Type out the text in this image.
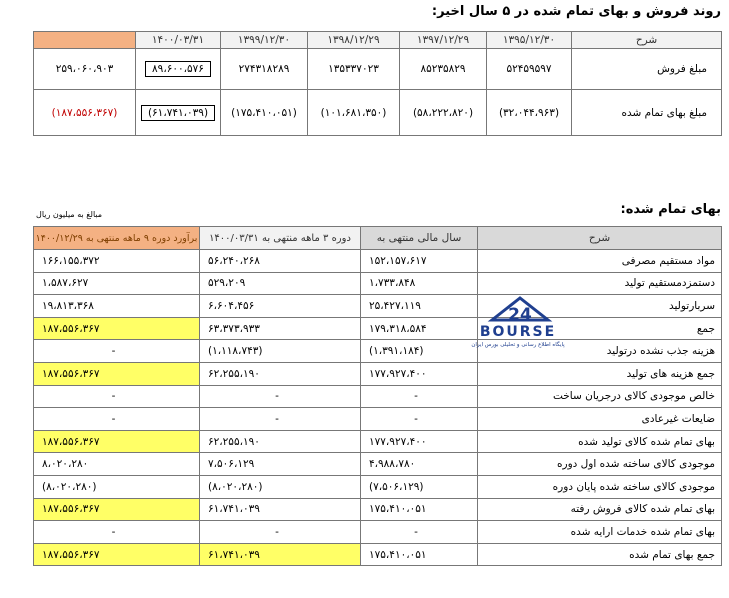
روند فروش و بهای تمام شده در ۵ سال اخیر:
شرح	۱۳۹۵/۱۲/۳۰	۱۳۹۷/۱۲/۲۹	۱۳۹۸/۱۲/۲۹	۱۳۹۹/۱۲/۳۰	۱۴۰۰/۰۳/۳۱	
مبلغ فروش	۵۲۴۵۹۵۹۷	۸۵۲۳۵۸۲۹	۱۳۵۳۳۷۰۲۳	۲۷۴۳۱۸۲۸۹	۸۹،۶۰۰،۵۷۶	۲۵۹،۰۶۰،۹۰۳
مبلغ بهای تمام شده	(۳۲،۰۴۴،۹۶۳)	(۵۸،۲۲۲،۸۲۰)	(۱۰۱،۶۸۱،۳۵۰)	(۱۷۵،۴۱۰،۰۵۱)	(۶۱،۷۴۱،۰۳۹)	(۱۸۷،۵۵۶،۳۶۷)
بهای تمام شده:
مبالغ به میلیون ریال
شرح	سال مالی منتهی به	دوره ۳ ماهه منتهی به ۱۴۰۰/۰۳/۳۱	برآورد دوره ۹ ماهه منتهی به ۱۴۰۰/۱۲/۲۹
مواد مستقیم مصرفی	۱۵۲،۱۵۷،۶۱۷	۵۶،۲۴۰،۲۶۸	۱۶۶،۱۵۵،۳۷۲
دستمزدمستقیم تولید	۱،۷۳۳،۸۴۸	۵۲۹،۲۰۹	۱،۵۸۷،۶۲۷
سربارتولید	۲۵،۴۲۷،۱۱۹	۶،۶۰۴،۴۵۶	۱۹،۸۱۳،۳۶۸
جمع	۱۷۹،۳۱۸،۵۸۴	۶۳،۳۷۳،۹۳۳	۱۸۷،۵۵۶،۳۶۷
هزینه جذب نشده درتولید	(۱،۳۹۱،۱۸۴)	(۱،۱۱۸،۷۴۳)	-
جمع هزینه های تولید	۱۷۷،۹۲۷،۴۰۰	۶۲،۲۵۵،۱۹۰	۱۸۷،۵۵۶،۳۶۷
خالص موجودی کالای درجریان ساخت	-	-	-
ضایعات غیرعادی	-	-	-
بهای تمام شده کالای تولید شده	۱۷۷،۹۲۷،۴۰۰	۶۲،۲۵۵،۱۹۰	۱۸۷،۵۵۶،۳۶۷
موجودی کالای ساخته شده اول دوره	۴،۹۸۸،۷۸۰	۷،۵۰۶،۱۲۹	۸،۰۲۰،۲۸۰
موجودی کالای ساخته شده پایان دوره	(۷،۵۰۶،۱۲۹)	(۸،۰۲۰،۲۸۰)	(۸،۰۲۰،۲۸۰)
بهای تمام شده کالای فروش رفته	۱۷۵،۴۱۰،۰۵۱	۶۱،۷۴۱،۰۳۹	۱۸۷،۵۵۶،۳۶۷
بهای تمام شده خدمات ارایه شده	-	-	-
جمع بهای تمام شده	۱۷۵،۴۱۰،۰۵۱	۶۱،۷۴۱،۰۳۹	۱۸۷،۵۵۶،۳۶۷
24
BOURSE
پایگاه اطلاع رسانی و تحلیلی بورس ایران
